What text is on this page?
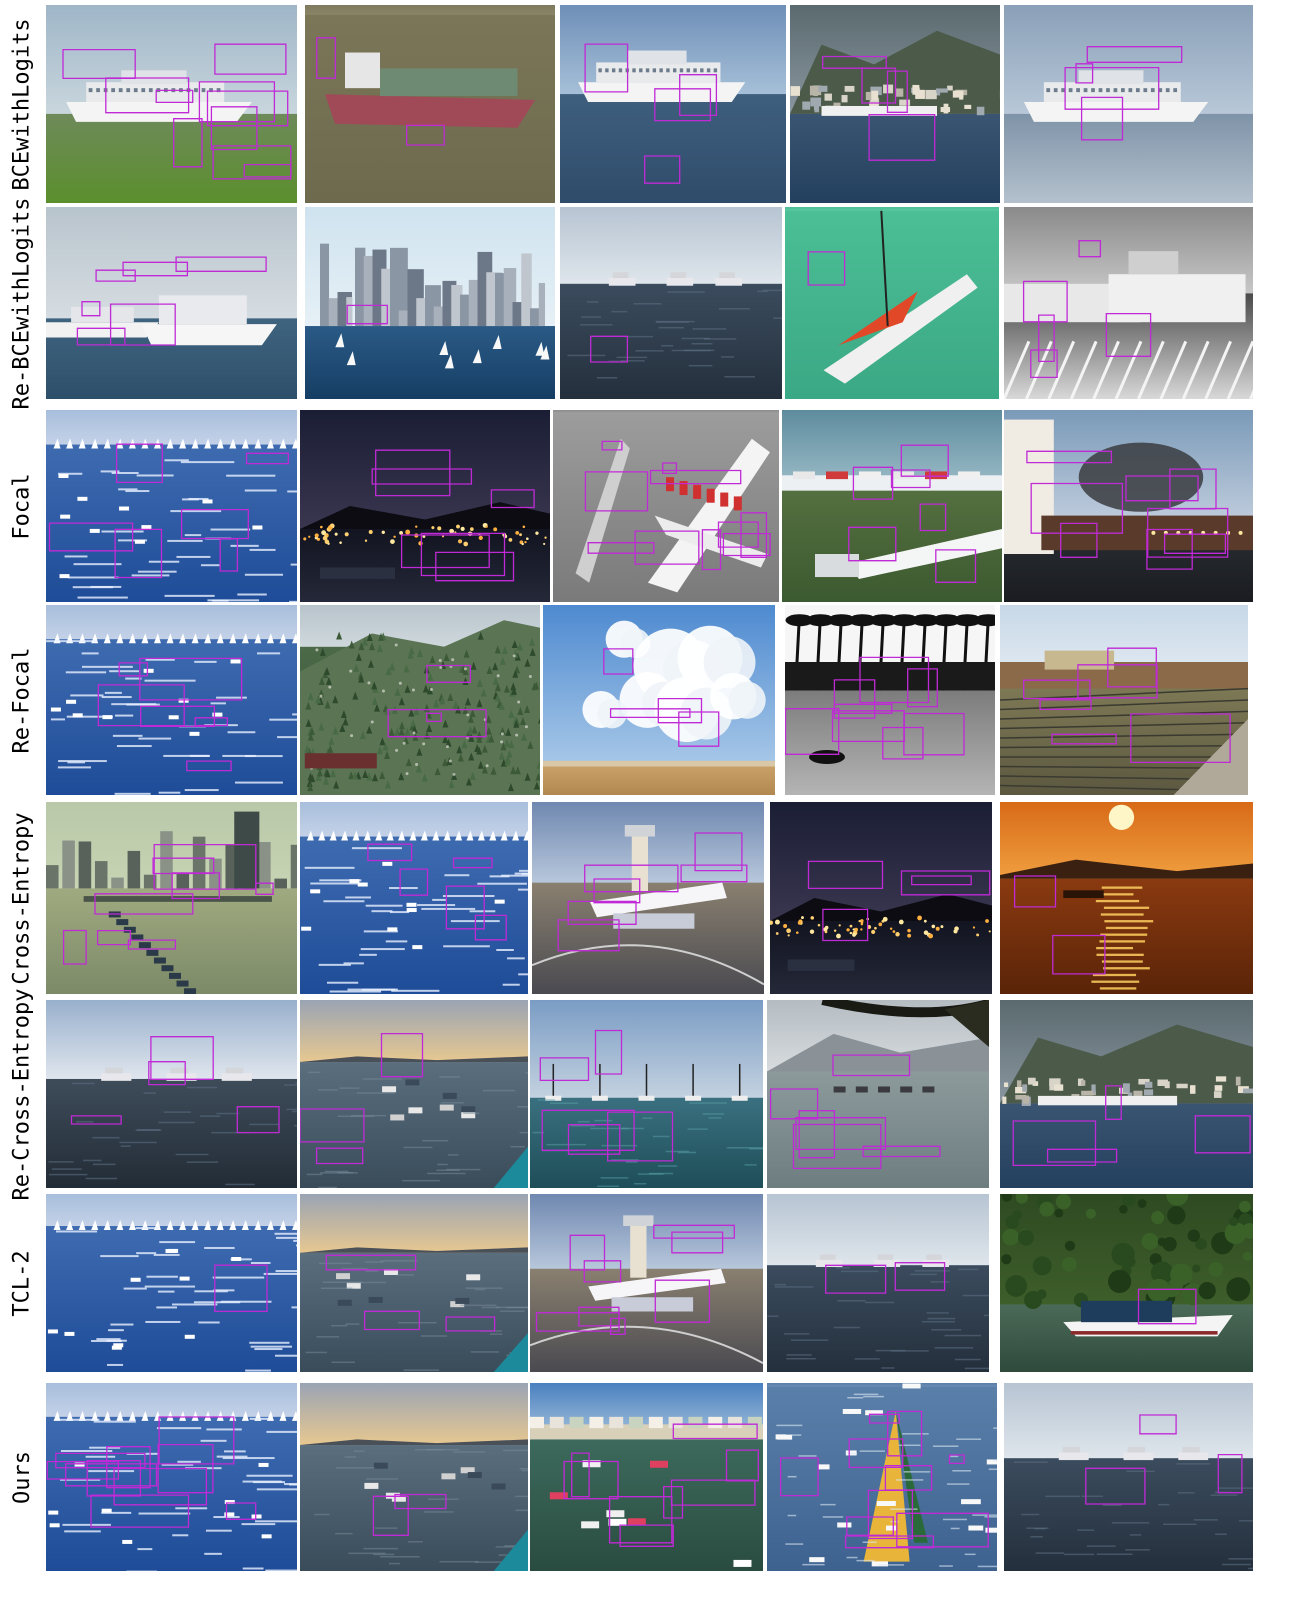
BCEwithLogits
Re-BCEwithLogits
Focal
Re-Focal
Cross-Entropy
Re-Cross-Entropy
TCL-2
Ours
